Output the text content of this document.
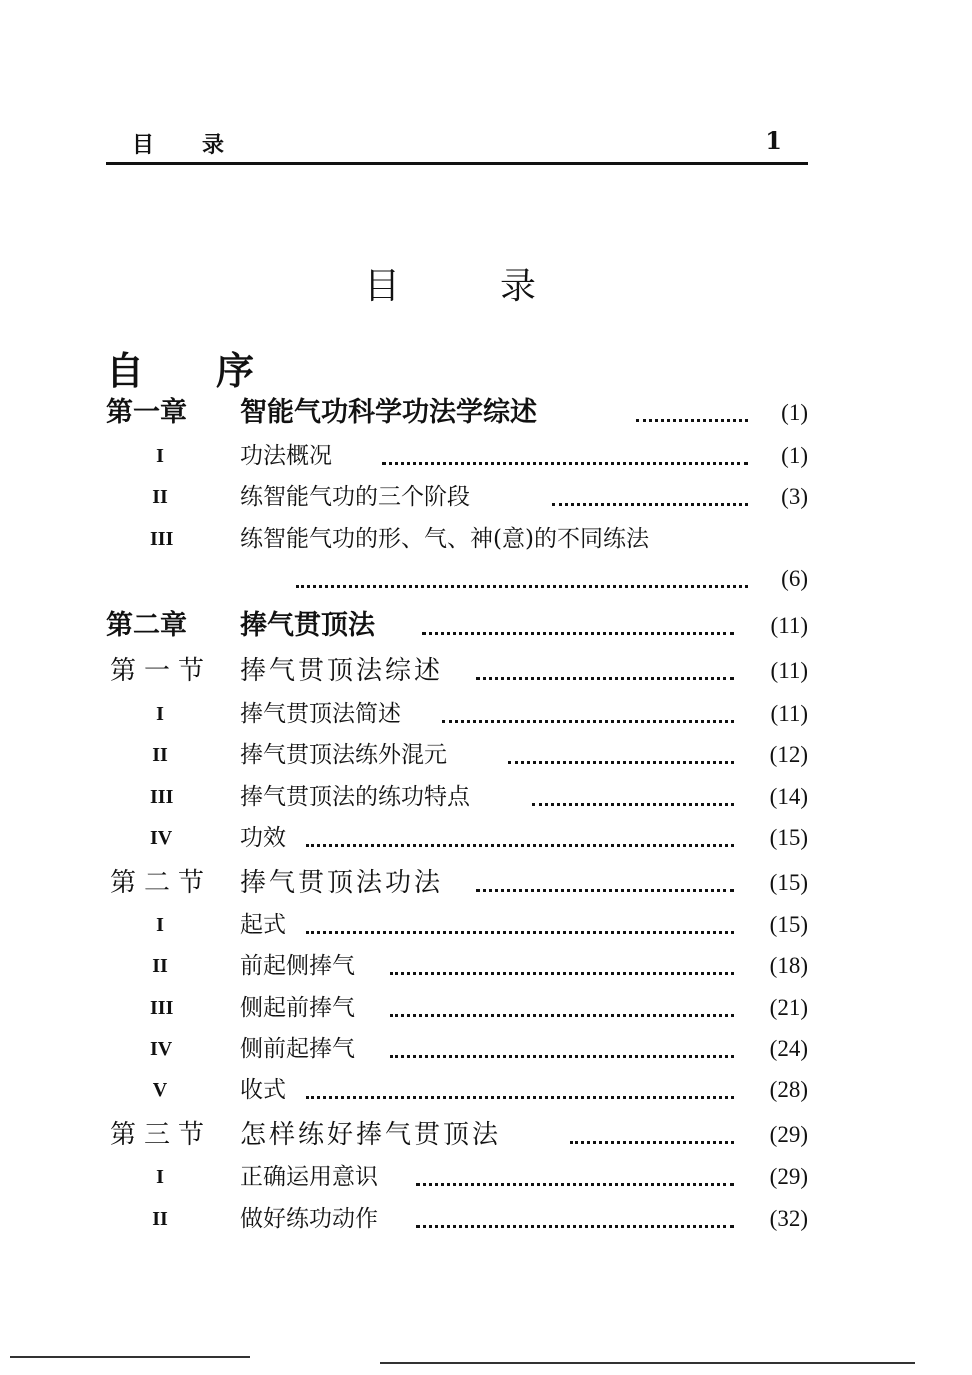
目录	1
目录
自序
第一章 智能气功科学功法学综述	(1)
I	功法概况	(1)
II	练智能气功的三个阶段	(3)
III	练智能气功的形、气、神(意)的不同练法
(6)
第二章 捧气贯顶法	(11)
第一节 捧气贯顶法综述	(11)
I	捧气贯顶法简述	(11)
II	捧气贯顶法练外混元	(12)
III	捧气贯顶法的练功特点	(14)
IV	功效	(15)
第二节 捧气贯顶法功法	(15)
I	起式	(15)
II	前起侧捧气	(18)
III	侧起前捧气	(21)
IV	侧前起捧气	(24)
V	收式	(28)
第三节 怎样练好捧气贯顶法	(29)
I	正确运用意识	(29)
II	做好练功动作	(32)
